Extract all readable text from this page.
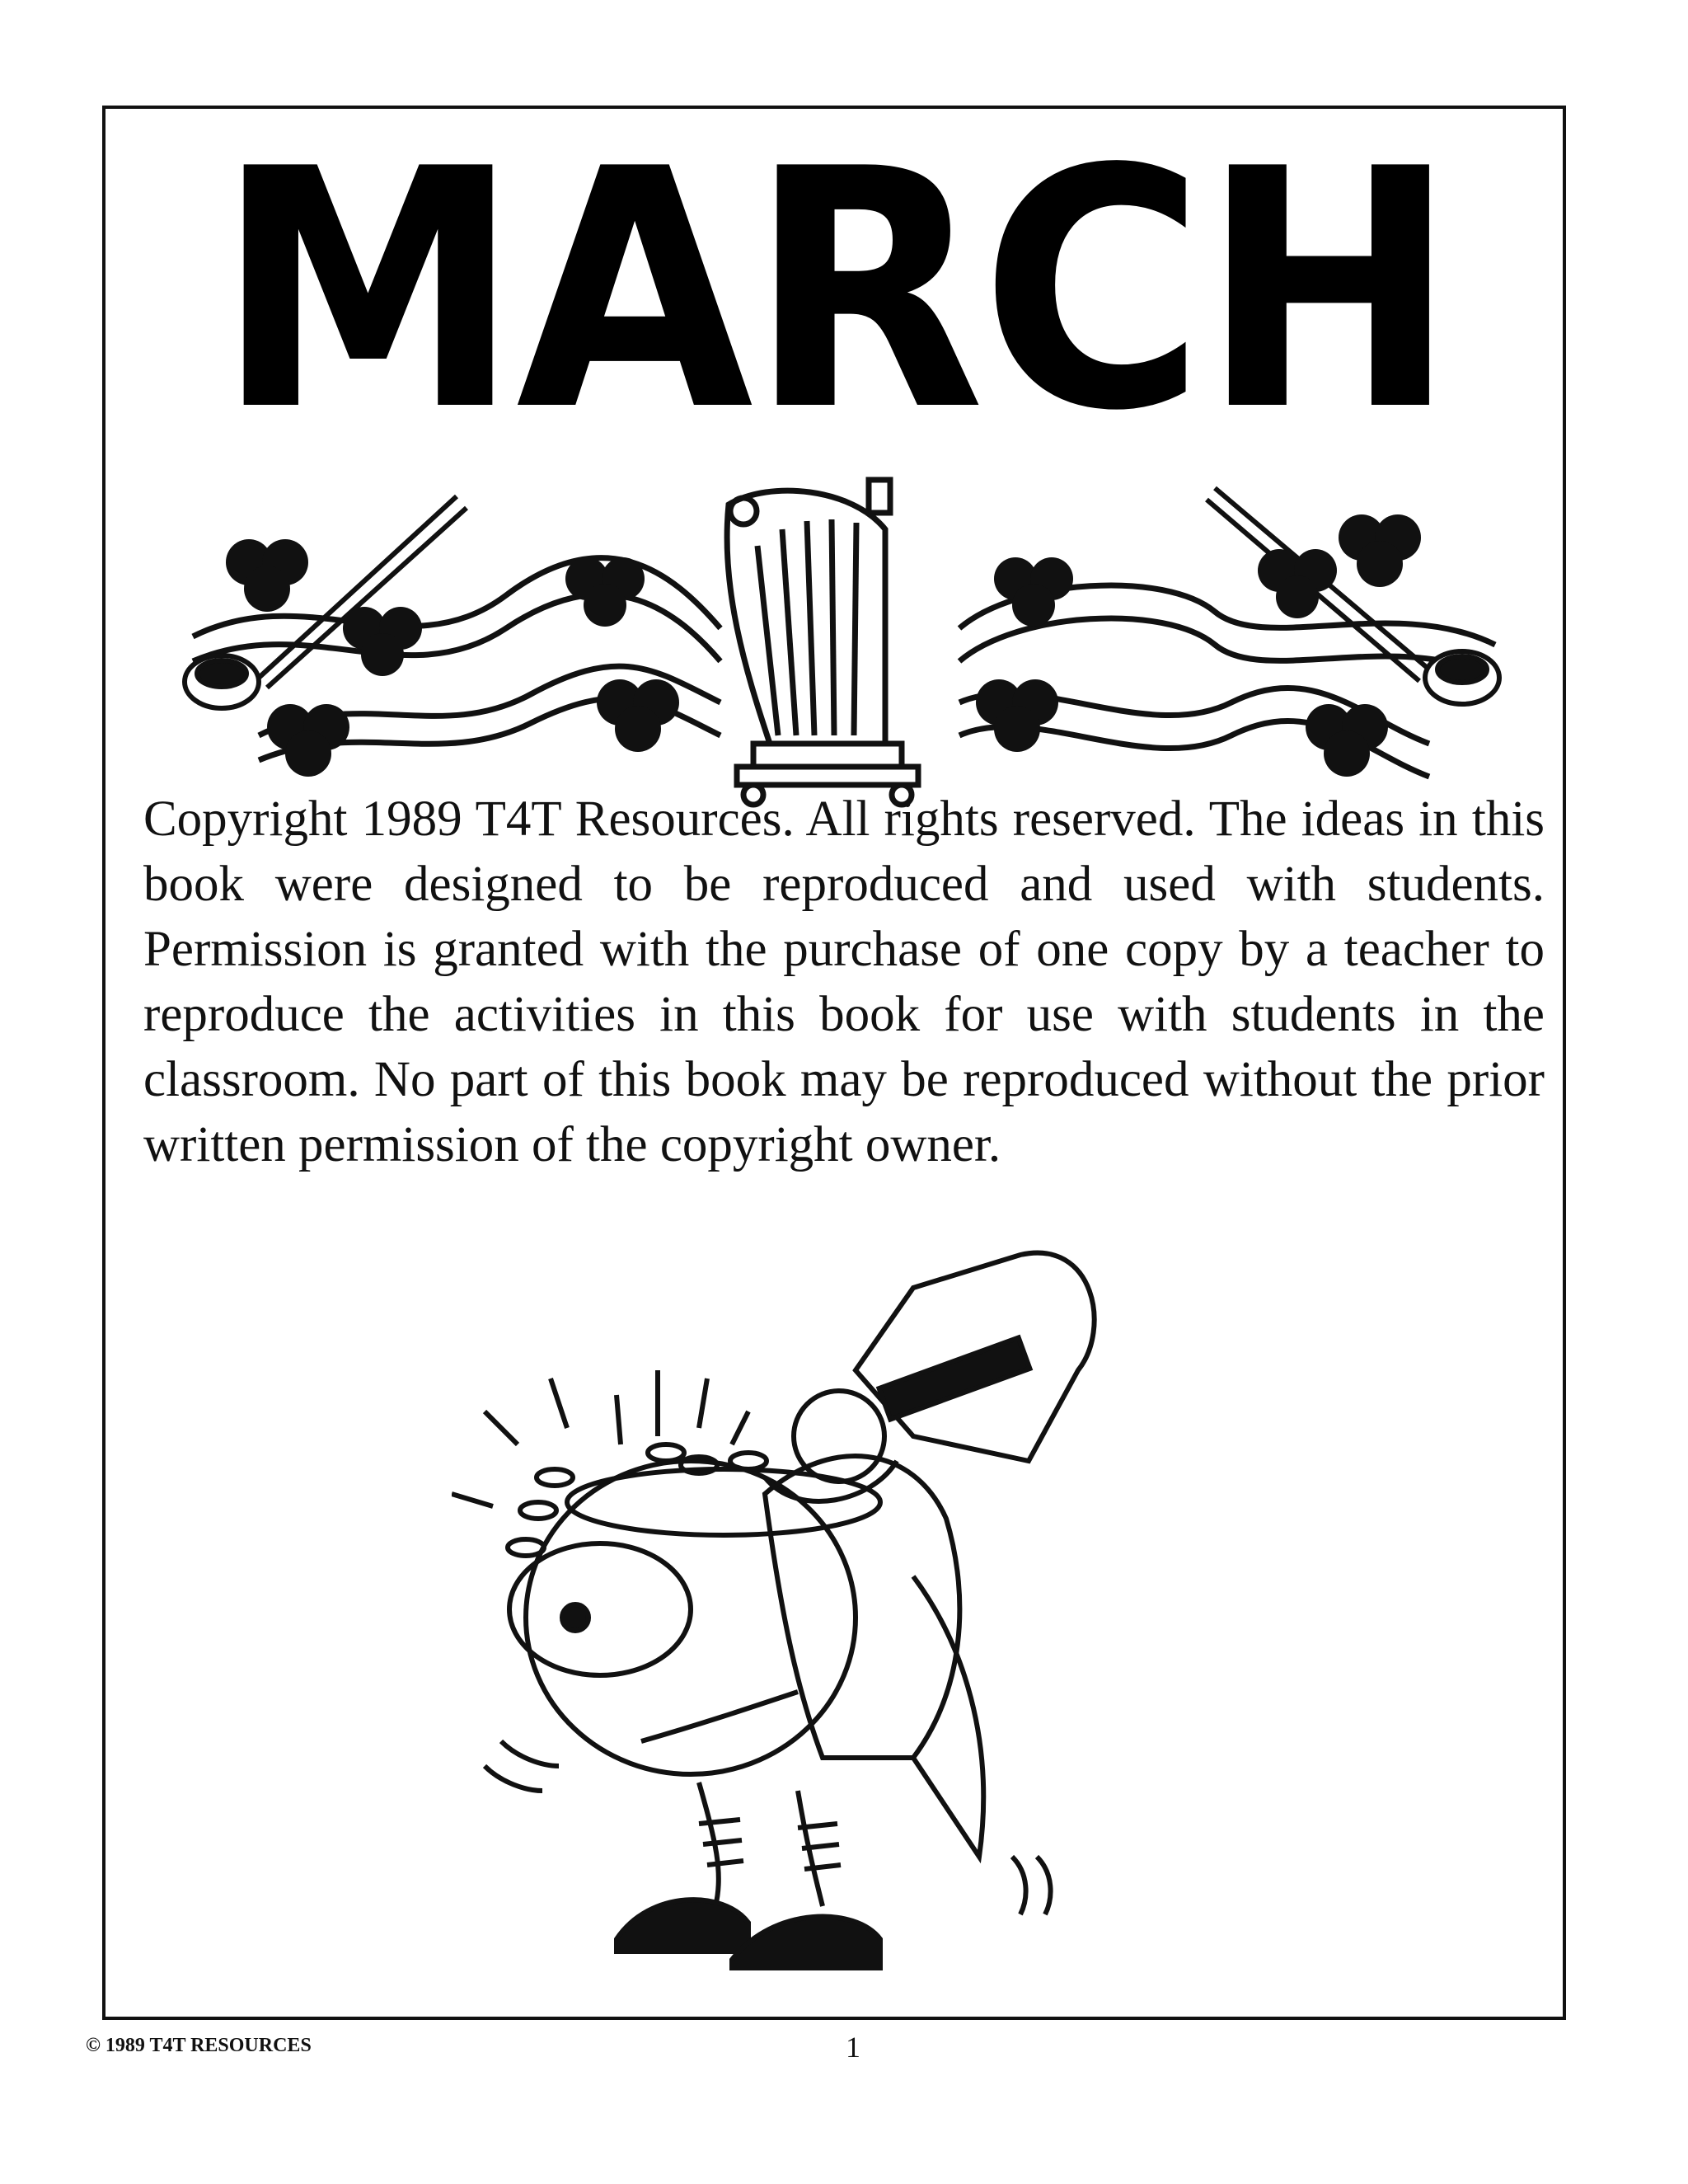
MARCH

Copyright 1989 T4T Resources. All rights reserved. The ideas in this book were designed to be reproduced and used with students. Permission is granted with the purchase of one copy by a teacher to reproduce the activities in this book for use with students in the classroom. No part of this book may be reproduced without the prior written permission of the copyright owner.

© 1989 T4T RESOURCES	1
